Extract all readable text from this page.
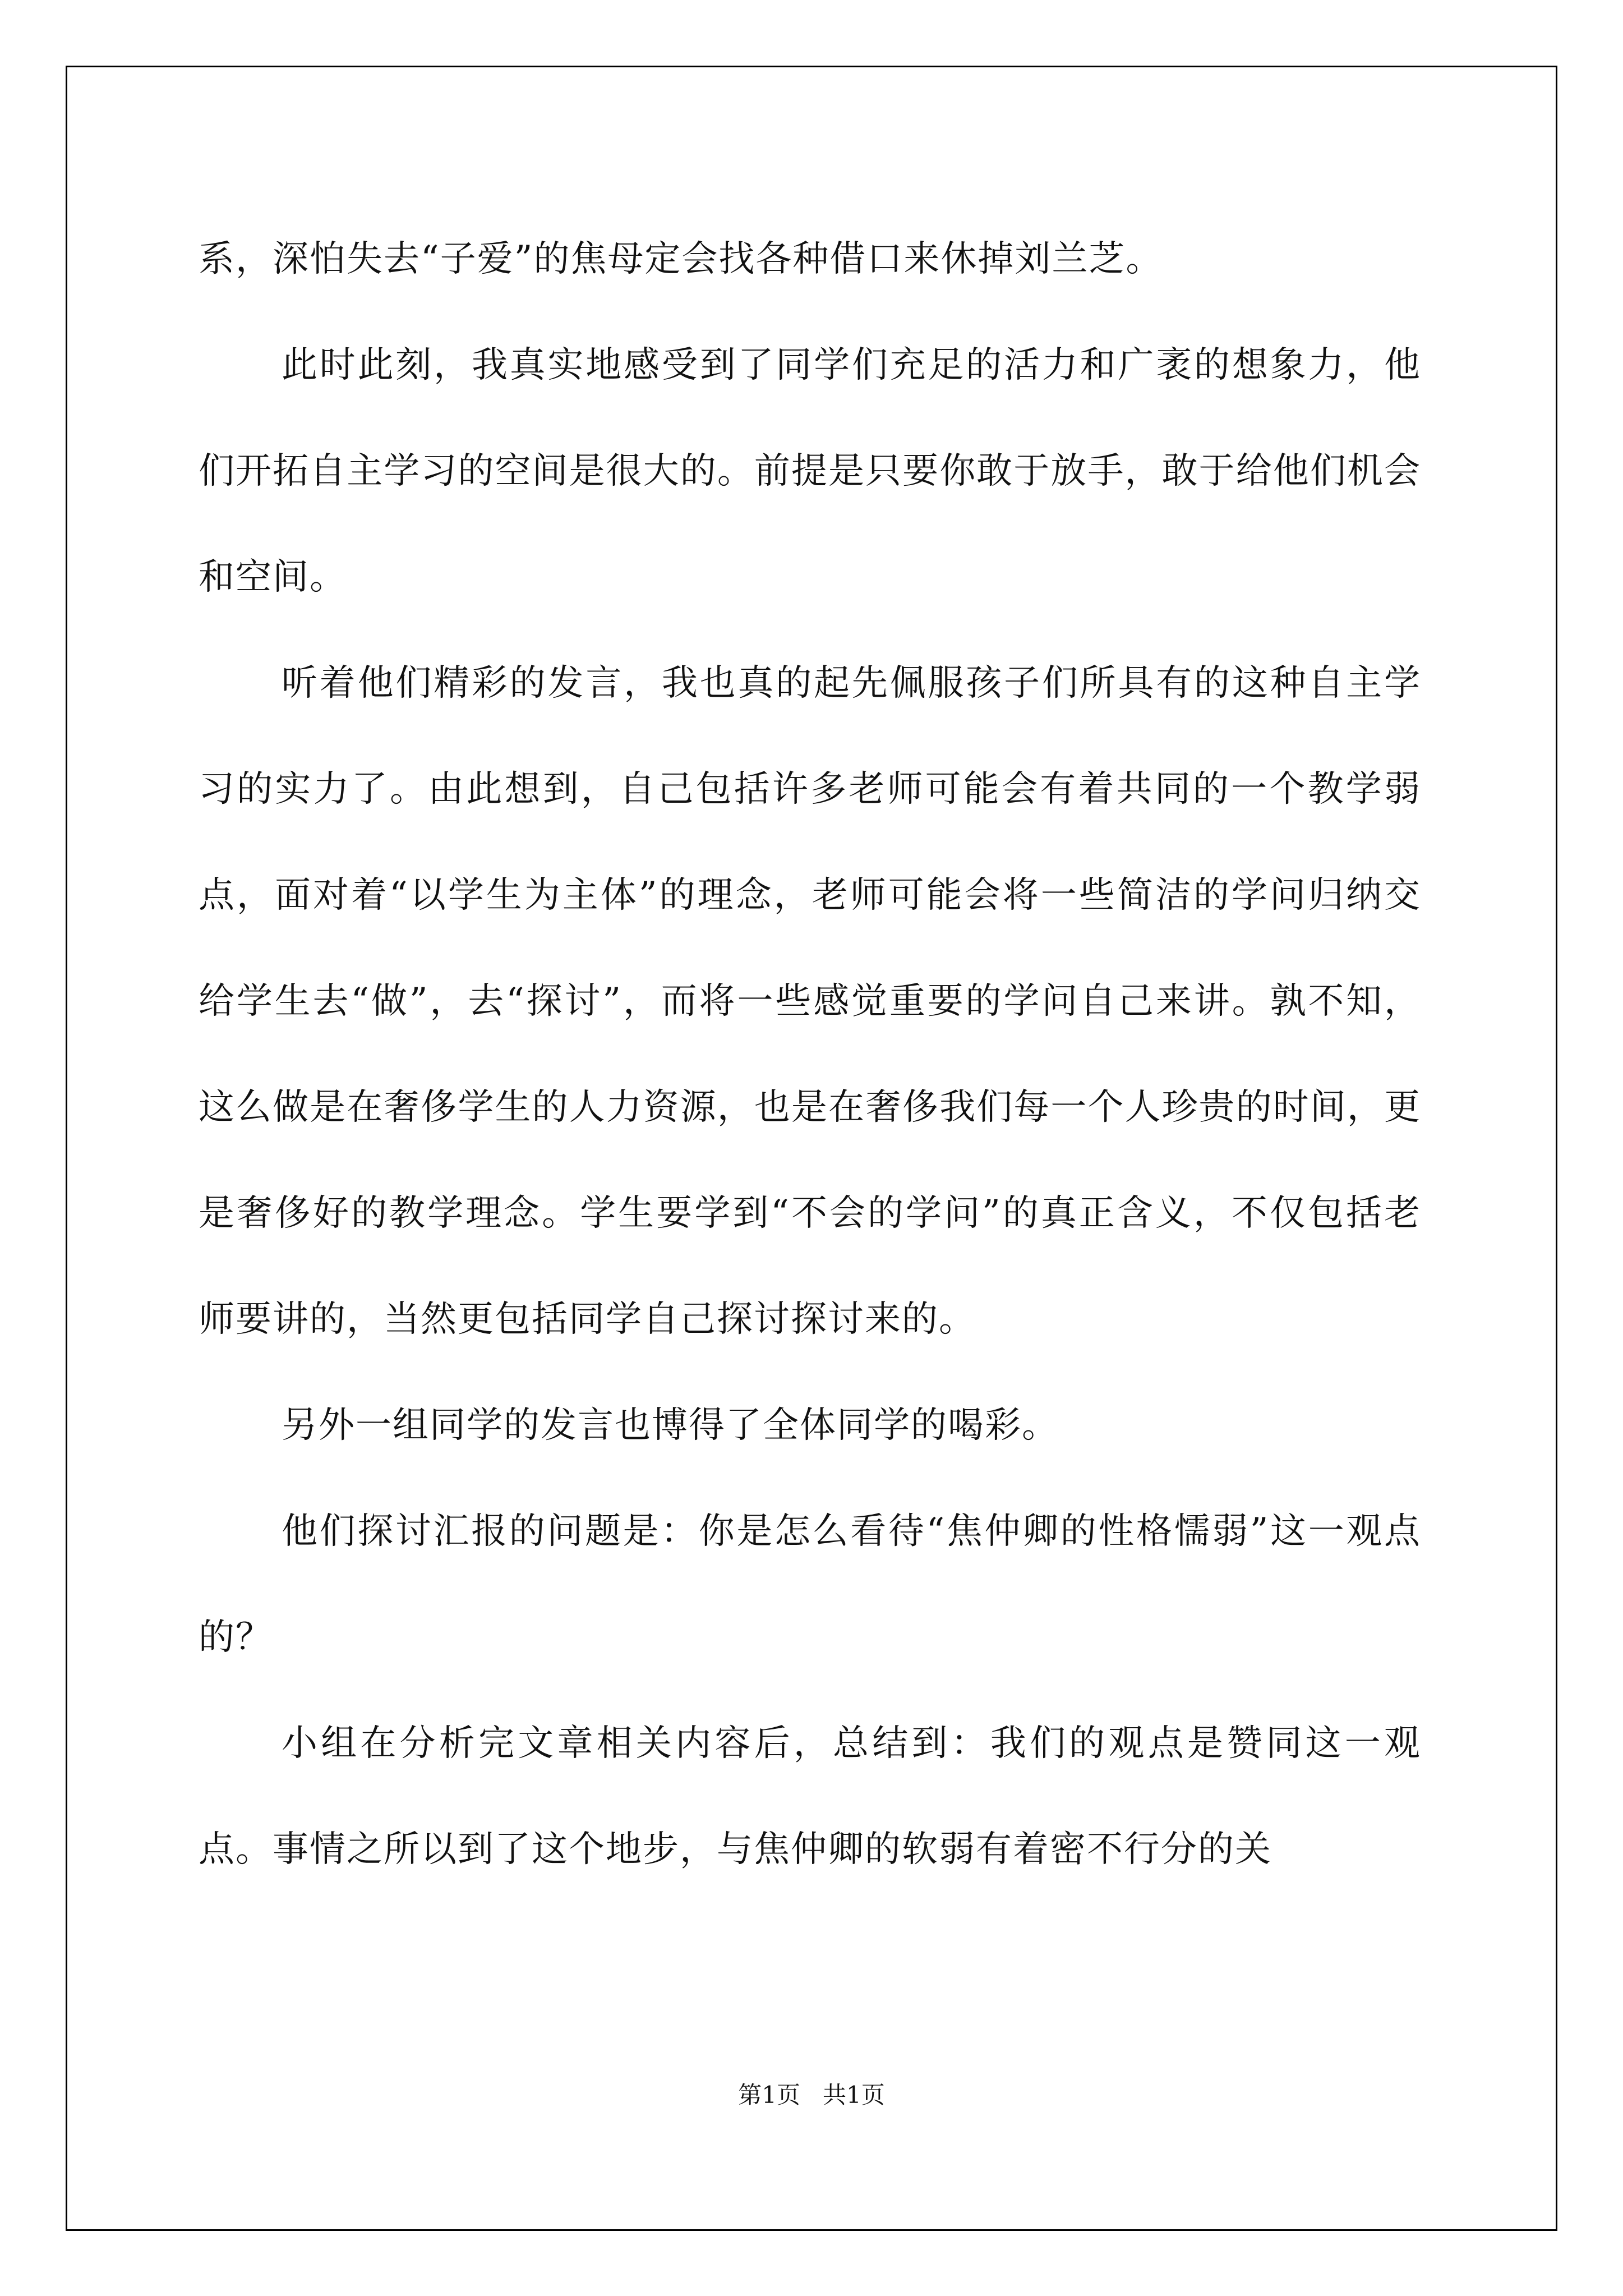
系，深怕失去“子爱”的焦母定会找各种借口来休掉刘兰芝。

此时此刻，我真实地感受到了同学们充足的活力和广袤的想象力，他们开拓自主学习的空间是很大的。前提是只要你敢于放手，敢于给他们机会和空间。

听着他们精彩的发言，我也真的起先佩服孩子们所具有的这种自主学习的实力了。由此想到，自己包括许多老师可能会有着共同的一个教学弱点，面对着“以学生为主体”的理念，老师可能会将一些简洁的学问归纳交给学生去“做”，去“探讨”，而将一些感觉重要的学问自己来讲。孰不知，这么做是在奢侈学生的人力资源，也是在奢侈我们每一个人珍贵的时间，更是奢侈好的教学理念。学生要学到“不会的学问”的真正含义，不仅包括老师要讲的，当然更包括同学自己探讨探讨来的。

另外一组同学的发言也博得了全体同学的喝彩。

他们探讨汇报的问题是：你是怎么看待“焦仲卿的性格懦弱”这一观点的？

小组在分析完文章相关内容后，总结到：我们的观点是赞同这一观点。事情之所以到了这个地步，与焦仲卿的软弱有着密不行分的关

第1页   共1页
